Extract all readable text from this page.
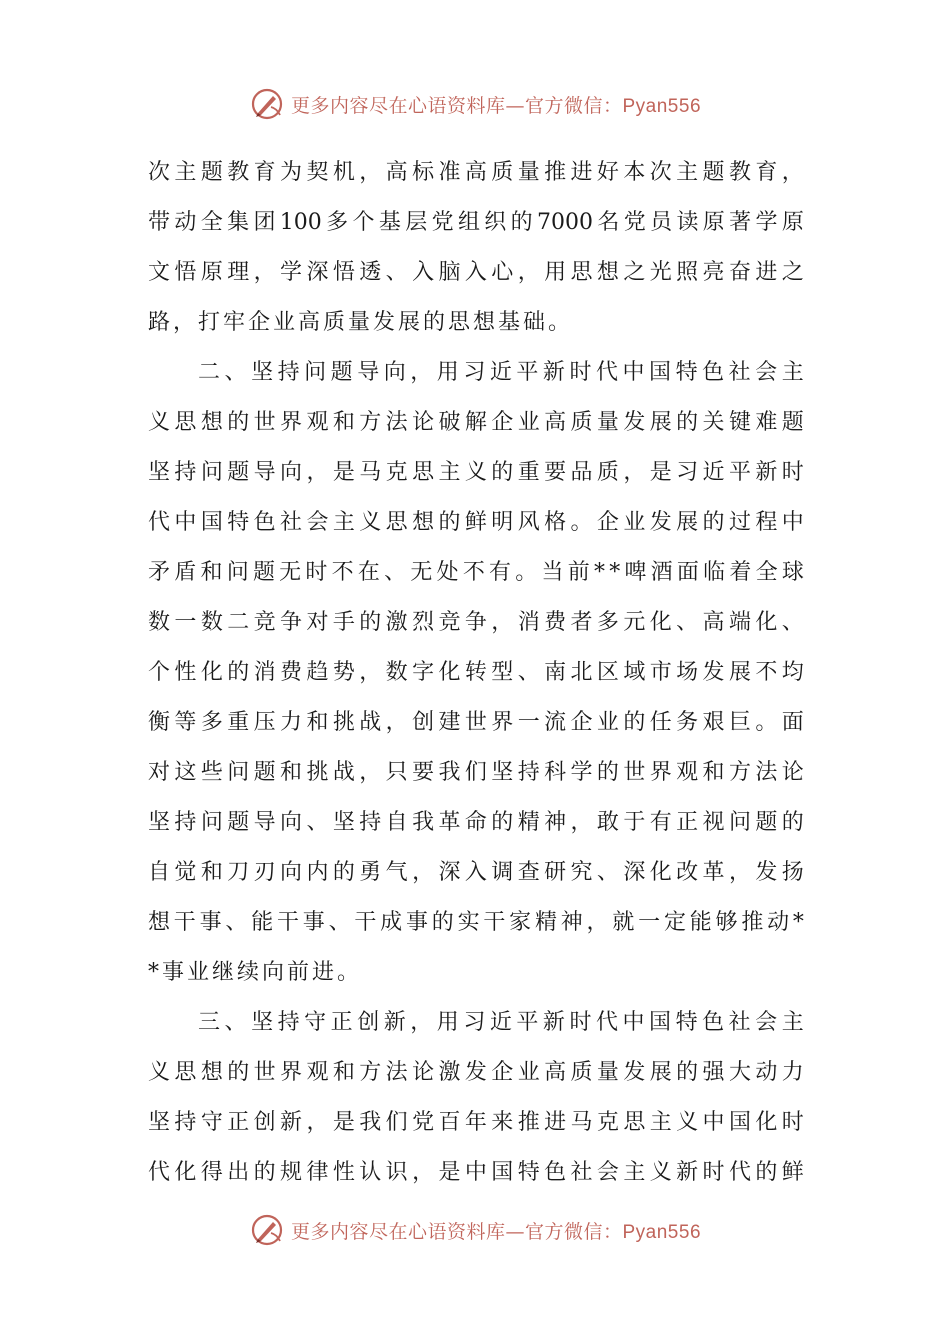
更多内容尽在心语资料库—官方微信：Pyan556
次 主 题 教 育 为 契 机 ， 高 标 准 高 质 量 推 进 好 本 次 主 题 教 育 ，
带 动 全 集 团 100 多 个 基 层 党 组 织 的 7000 名 党 员 读 原 著 学 原
文 悟 原 理 ， 学 深 悟 透 、 入 脑 入 心 ， 用 思 想 之 光 照 亮 奋 进 之
路，打牢企业高质量发展的思想基础。
二 、 坚 持 问 题 导 向 ， 用 习 近 平 新 时 代 中 国 特 色 社 会 主
义 思 想 的 世 界 观 和 方 法 论 破 解 企 业 高 质 量 发 展 的 关 键 难 题
坚 持 问 题 导 向 ， 是 马 克 思 主 义 的 重 要 品 质 ， 是 习 近 平 新 时
代 中 国 特 色 社 会 主 义 思 想 的 鲜 明 风 格 。 企 业 发 展 的 过 程 中
矛 盾 和 问 题 无 时 不 在 、 无 处 不 有 。 当 前 * * 啤 酒 面 临 着 全 球
数 一 数 二 竞 争 对 手 的 激 烈 竞 争 ， 消 费 者 多 元 化 、 高 端 化 、
个 性 化 的 消 费 趋 势 ， 数 字 化 转 型 、 南 北 区 域 市 场 发 展 不 均
衡 等 多 重 压 力 和 挑 战 ， 创 建 世 界 一 流 企 业 的 任 务 艰 巨 。 面
对 这 些 问 题 和 挑 战 ， 只 要 我 们 坚 持 科 学 的 世 界 观 和 方 法 论
坚 持 问 题 导 向 、 坚 持 自 我 革 命 的 精 神 ， 敢 于 有 正 视 问 题 的
自 觉 和 刀 刃 向 内 的 勇 气 ， 深 入 调 查 研 究 、 深 化 改 革 ， 发 扬
想 干 事 、 能 干 事 、 干 成 事 的 实 干 家 精 神 ， 就 一 定 能 够 推 动 *
*事业继续向前进。
三 、 坚 持 守 正 创 新 ， 用 习 近 平 新 时 代 中 国 特 色 社 会 主
义 思 想 的 世 界 观 和 方 法 论 激 发 企 业 高 质 量 发 展 的 强 大 动 力
坚 持 守 正 创 新 ， 是 我 们 党 百 年 来 推 进 马 克 思 主 义 中 国 化 时
代 化 得 出 的 规 律 性 认 识 ， 是 中 国 特 色 社 会 主 义 新 时 代 的 鲜
更多内容尽在心语资料库—官方微信：Pyan556
